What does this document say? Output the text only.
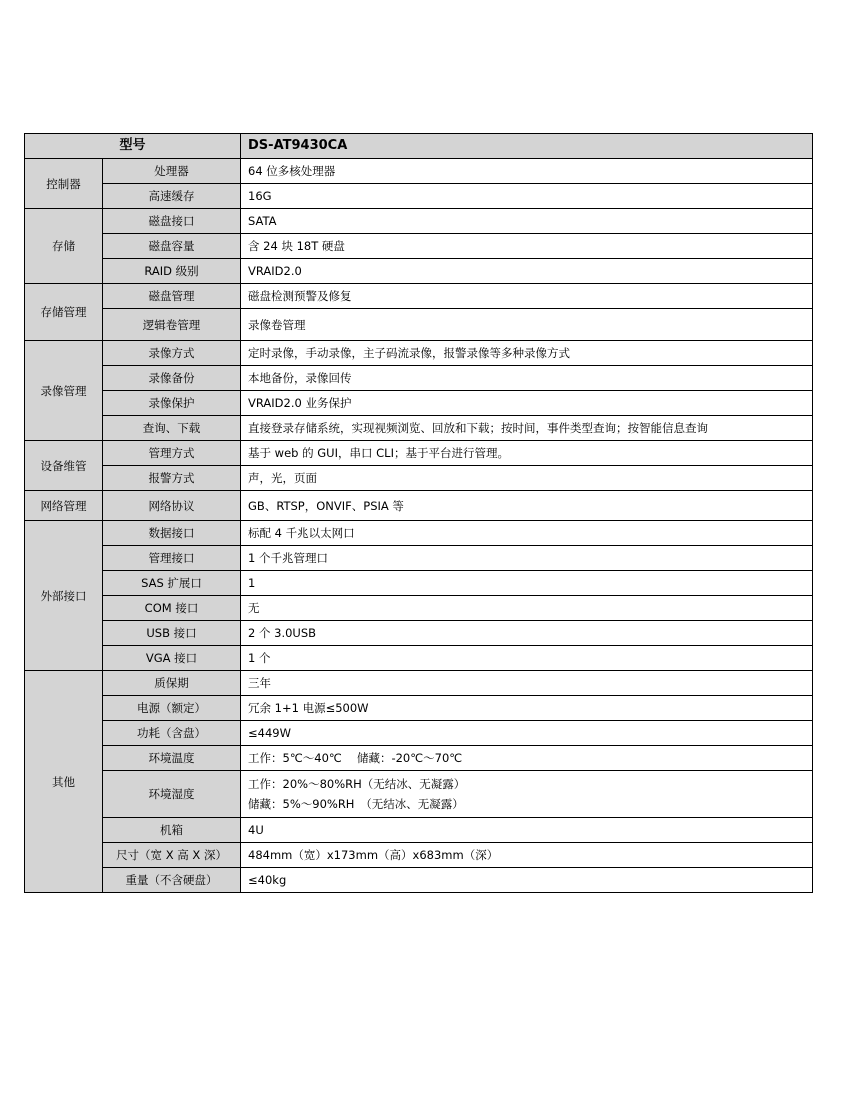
型号		DS-AT9430CA
控制器	处理器	64 位多核处理器
	高速缓存	16G
存储	磁盘接口	SATA
	磁盘容量	含 24 块 18T 硬盘
	RAID 级别	VRAID2.0
存储管理	磁盘管理	磁盘检测预警及修复
	逻辑卷管理	录像卷管理
录像管理	录像方式	定时录像，手动录像，主子码流录像，报警录像等多种录像方式
	录像备份	本地备份，录像回传
	录像保护	VRAID2.0 业务保护
	查询、下载	直接登录存储系统，实现视频浏览、回放和下载；按时间，事件类型查询；按智能信息查询
设备维管	管理方式	基于 web 的 GUI，串口 CLI；基于平台进行管理。
	报警方式	声，光，页面
网络管理	网络协议	GB、RTSP，ONVIF、PSIA 等
外部接口	数据接口	标配 4 千兆以太网口
	管理接口	1 个千兆管理口
	SAS 扩展口	1
	COM 接口	无
	USB 接口	2 个 3.0USB
	VGA 接口	1 个
其他	质保期	三年
	电源（额定）	冗余 1+1 电源≤500W
	功耗（含盘）	≤449W
	环境温度	工作：5℃～40℃　 储藏：-20℃～70℃
	环境湿度	工作：20%～80%RH（无结冰、无凝露）
储藏：5%～90%RH　（无结冰、无凝露）

	机箱	4U
	尺寸（宽 X 高 X 深）	484mm（宽）x173mm（高）x683mm（深）
	重量（不含硬盘）	≤40kg
